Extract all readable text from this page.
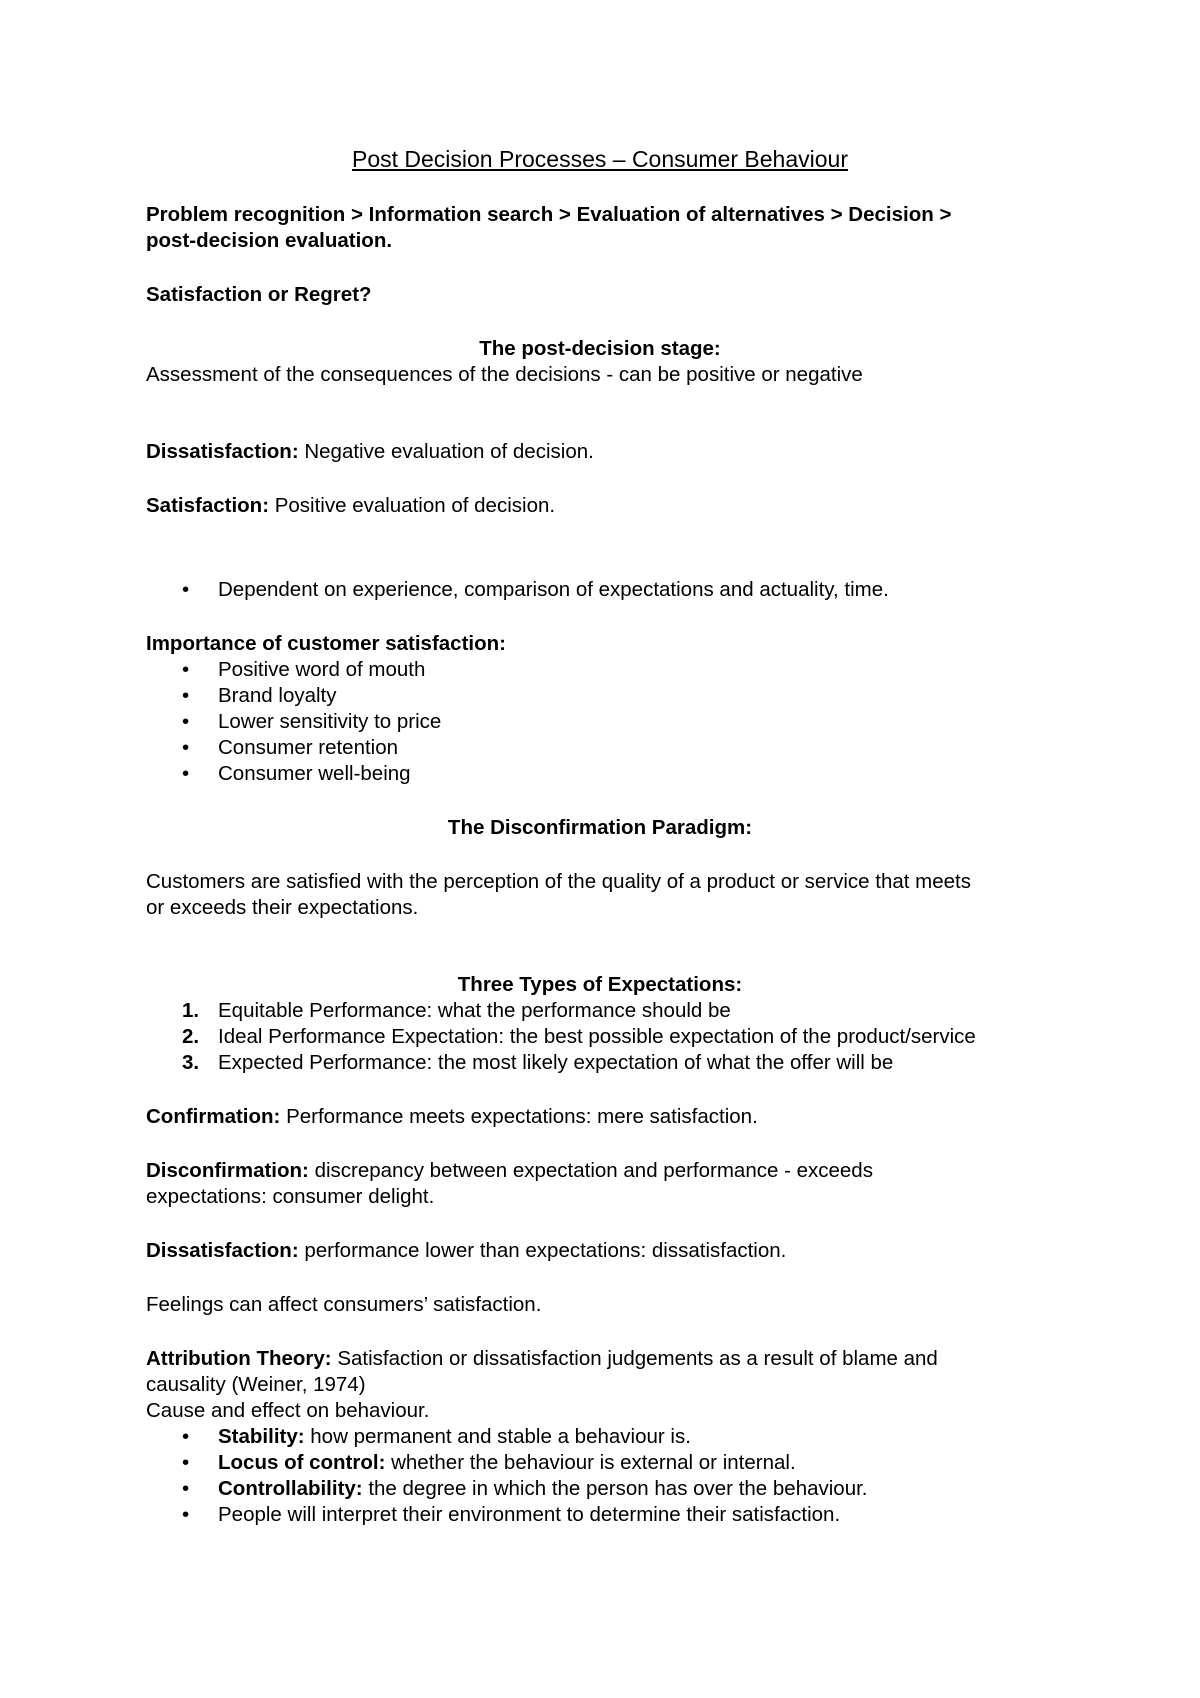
Post Decision Processes – Consumer Behaviour
Problem recognition > Information search > Evaluation of alternatives > Decision >
post-decision evaluation.
Satisfaction or Regret?
The post-decision stage:
Assessment of the consequences of the decisions - can be positive or negative
Dissatisfaction: Negative evaluation of decision.
Satisfaction: Positive evaluation of decision.
• Dependent on experience, comparison of expectations and actuality, time.
Importance of customer satisfaction:
• Positive word of mouth
• Brand loyalty
• Lower sensitivity to price
• Consumer retention
• Consumer well-being
The Disconfirmation Paradigm:
Customers are satisfied with the perception of the quality of a product or service that meets
or exceeds their expectations.
Three Types of Expectations:
1. Equitable Performance: what the performance should be
2. Ideal Performance Expectation: the best possible expectation of the product/service
3. Expected Performance: the most likely expectation of what the offer will be
Confirmation: Performance meets expectations: mere satisfaction.
Disconfirmation: discrepancy between expectation and performance - exceeds
expectations: consumer delight.
Dissatisfaction: performance lower than expectations: dissatisfaction.
Feelings can affect consumers’ satisfaction.
Attribution Theory: Satisfaction or dissatisfaction judgements as a result of blame and
causality (Weiner, 1974)
Cause and effect on behaviour.
• Stability: how permanent and stable a behaviour is.
• Locus of control: whether the behaviour is external or internal.
• Controllability: the degree in which the person has over the behaviour.
• People will interpret their environment to determine their satisfaction.
